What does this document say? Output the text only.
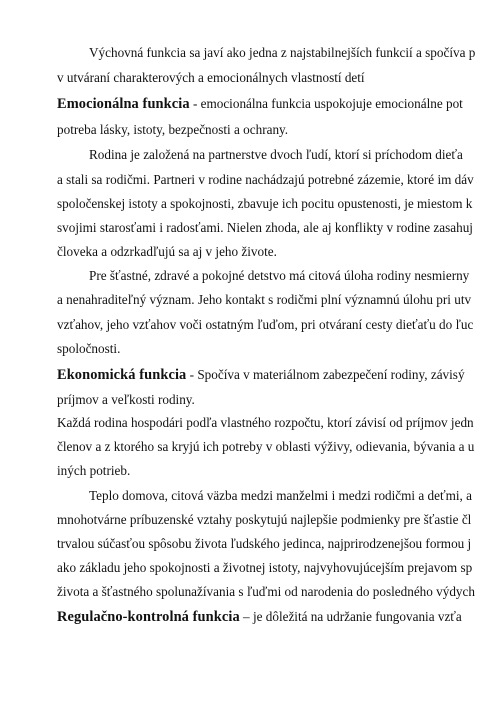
Výchovná funkcia sa javí ako jedna z najstabilnejších funkcií a spočíva p
v utváraní charakterových a emocionálnych vlastností detí
Emocionálna funkcia - emocionálna funkcia uspokojuje emocionálne pot
potreba lásky, istoty, bezpečnosti a ochrany.
Rodina je založená na partnerstve dvoch ľudí, ktorí si príchodom dieťa
a stali sa rodičmi. Partneri v rodine nachádzajú potrebné zázemie, ktoré im dáv
spoločenskej istoty a spokojnosti, zbavuje ich pocitu opustenosti, je miestom k
svojimi starosťami i radosťami. Nielen zhoda, ale aj konflikty v rodine zasahuj
človeka a odzrkadľujú sa aj v jeho živote.
Pre šťastné, zdravé a pokojné detstvo má citová úloha rodiny nesmierny
a nenahraditeľný význam. Jeho kontakt s rodičmi plní významnú úlohu pri utv
vzťahov, jeho vzťahov voči ostatným ľuďom, pri otváraní cesty dieťaťu do ľuc
spoločnosti.
Ekonomická funkcia - Spočíva v materiálnom zabezpečení rodiny, závisý
príjmov a veľkosti rodiny.
Každá rodina hospodári podľa vlastného rozpočtu, ktorí závisí od príjmov jedn
členov a z ktorého sa kryjú ich potreby v oblasti výživy, odievania, bývania a u
iných potrieb.
Teplo domova, citová väzba medzi manželmi i medzi rodičmi a deťmi, a
mnohotvárne príbuzenské vztahy poskytujú najlepšie podmienky pre šťastie čl
trvalou súčasťou spôsobu života ľudského jedinca, najprirodzenejšou formou j
ako základu jeho spokojnosti a životnej istoty, najvyhovujúcejším prejavom sp
života a šťastného spolunažívania s ľuďmi od narodenia do posledného výdych
Regulačno-kontrolná funkcia – je dôležitá na udržanie fungovania vzťa
